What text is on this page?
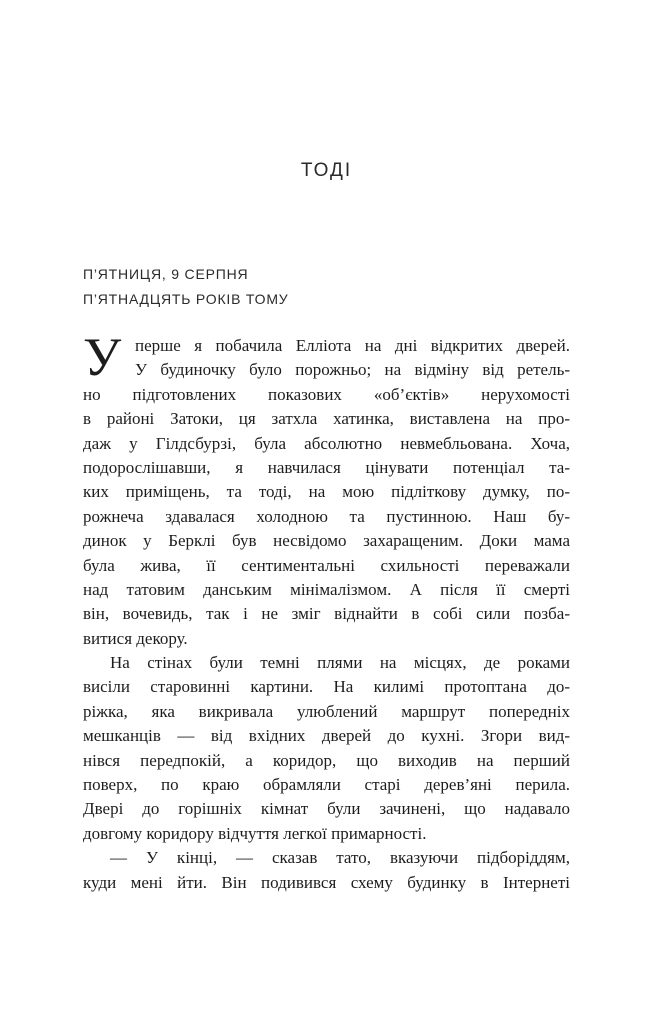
ТОДІ
П’ЯТНИЦЯ, 9 СЕРПНЯ
П’ЯТНАДЦЯТЬ РОКІВ ТОМУ
У перше я побачила Елліота на дні відкритих дверей.
У будиночку було порожньо; на відміну від ретель-
но підготовлених показових «об’єктів» нерухомості
в районі Затоки, ця затхла хатинка, виставлена на про-
даж у Гілдсбурзі, була абсолютно невмебльована. Хоча,
подорослішавши, я навчилася цінувати потенціал та-
ких приміщень, та тоді, на мою підліткову думку, по-
рожнеча здавалася холодною та пустинною. Наш бу-
динок у Берклі був несвідомо захаращеним. Доки мама
була жива, її сентиментальні схильності переважали
над татовим данським мінімалізмом. А після її смерті
він, вочевидь, так і не зміг віднайти в собі сили позба-
витися декору.
На стінах були темні плями на місцях, де роками
висіли старовинні картини. На килимі протоптана до-
ріжка, яка викривала улюблений маршрут попередніх
мешканців — від вхідних дверей до кухні. Згори вид-
нівся передпокій, а коридор, що виходив на перший
поверх, по краю обрамляли старі дерев’яні перила.
Двері до горішніх кімнат були зачинені, що надавало
довгому коридору відчуття легкої примарності.
— У кінці, — сказав тато, вказуючи підборіддям,
куди мені йти. Він подивився схему будинку в Інтернеті
